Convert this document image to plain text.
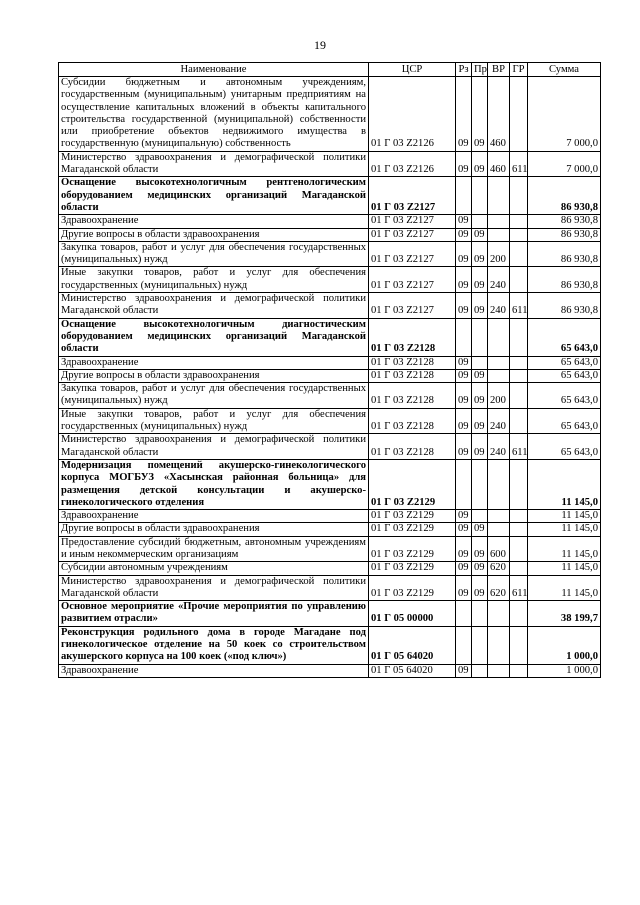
19
Наименование	ЦСР	Рз	Пр	ВР	ГР	Сумма
Субсидии бюджетным и автономным учреждениям, государственным (муниципальным) унитарным предприятиям на осуществление капитальных вложений в объекты капитального строительства государственной (муниципальной) собственности или приобретение объектов недвижимого имущества в государственную (муниципальную) собственность	01 Г 03 Z2126	09	09	460		7 000,0
Министерство здравоохранения и демографической политики Магаданской области	01 Г 03 Z2126	09	09	460	611	7 000,0
Оснащение высокотехнологичным рентгенологическим оборудованием медицинских организаций Магаданской области	01 Г 03 Z2127					86 930,8
Здравоохранение	01 Г 03 Z2127	09				86 930,8
Другие вопросы в области здравоохранения	01 Г 03 Z2127	09	09			86 930,8
Закупка товаров, работ и услуг для обеспечения государственных (муниципальных) нужд	01 Г 03 Z2127	09	09	200		86 930,8
Иные закупки товаров, работ и услуг для обеспечения государственных (муниципальных) нужд	01 Г 03 Z2127	09	09	240		86 930,8
Министерство здравоохранения и демографической политики Магаданской области	01 Г 03 Z2127	09	09	240	611	86 930,8
Оснащение высокотехнологичным диагностическим оборудованием медицинских организаций Магаданской области	01 Г 03 Z2128					65 643,0
Здравоохранение	01 Г 03 Z2128	09				65 643,0
Другие вопросы в области здравоохранения	01 Г 03 Z2128	09	09			65 643,0
Закупка товаров, работ и услуг для обеспечения государственных (муниципальных) нужд	01 Г 03 Z2128	09	09	200		65 643,0
Иные закупки товаров, работ и услуг для обеспечения государственных (муниципальных) нужд	01 Г 03 Z2128	09	09	240		65 643,0
Министерство здравоохранения и демографической политики Магаданской области	01 Г 03 Z2128	09	09	240	611	65 643,0
Модернизация помещений акушерско-гинекологического корпуса МОГБУЗ «Хасынская районная больница» для размещения детской консультации и акушерско-гинекологического отделения	01 Г 03 Z2129					11 145,0
Здравоохранение	01 Г 03 Z2129	09				11 145,0
Другие вопросы в области здравоохранения	01 Г 03 Z2129	09	09			11 145,0
Предоставление субсидий бюджетным, автономным учреждениям и иным некоммерческим организациям	01 Г 03 Z2129	09	09	600		11 145,0
Субсидии автономным учреждениям	01 Г 03 Z2129	09	09	620		11 145,0
Министерство здравоохранения и демографической политики Магаданской области	01 Г 03 Z2129	09	09	620	611	11 145,0
Основное мероприятие «Прочие мероприятия по управлению развитием отрасли»	01 Г 05 00000					38 199,7
Реконструкция родильного дома в городе Магадане под гинекологическое отделение на 50 коек со строительством акушерского корпуса на 100 коек («под ключ»)	01 Г 05 64020					1 000,0
Здравоохранение	01 Г 05 64020	09				1 000,0
